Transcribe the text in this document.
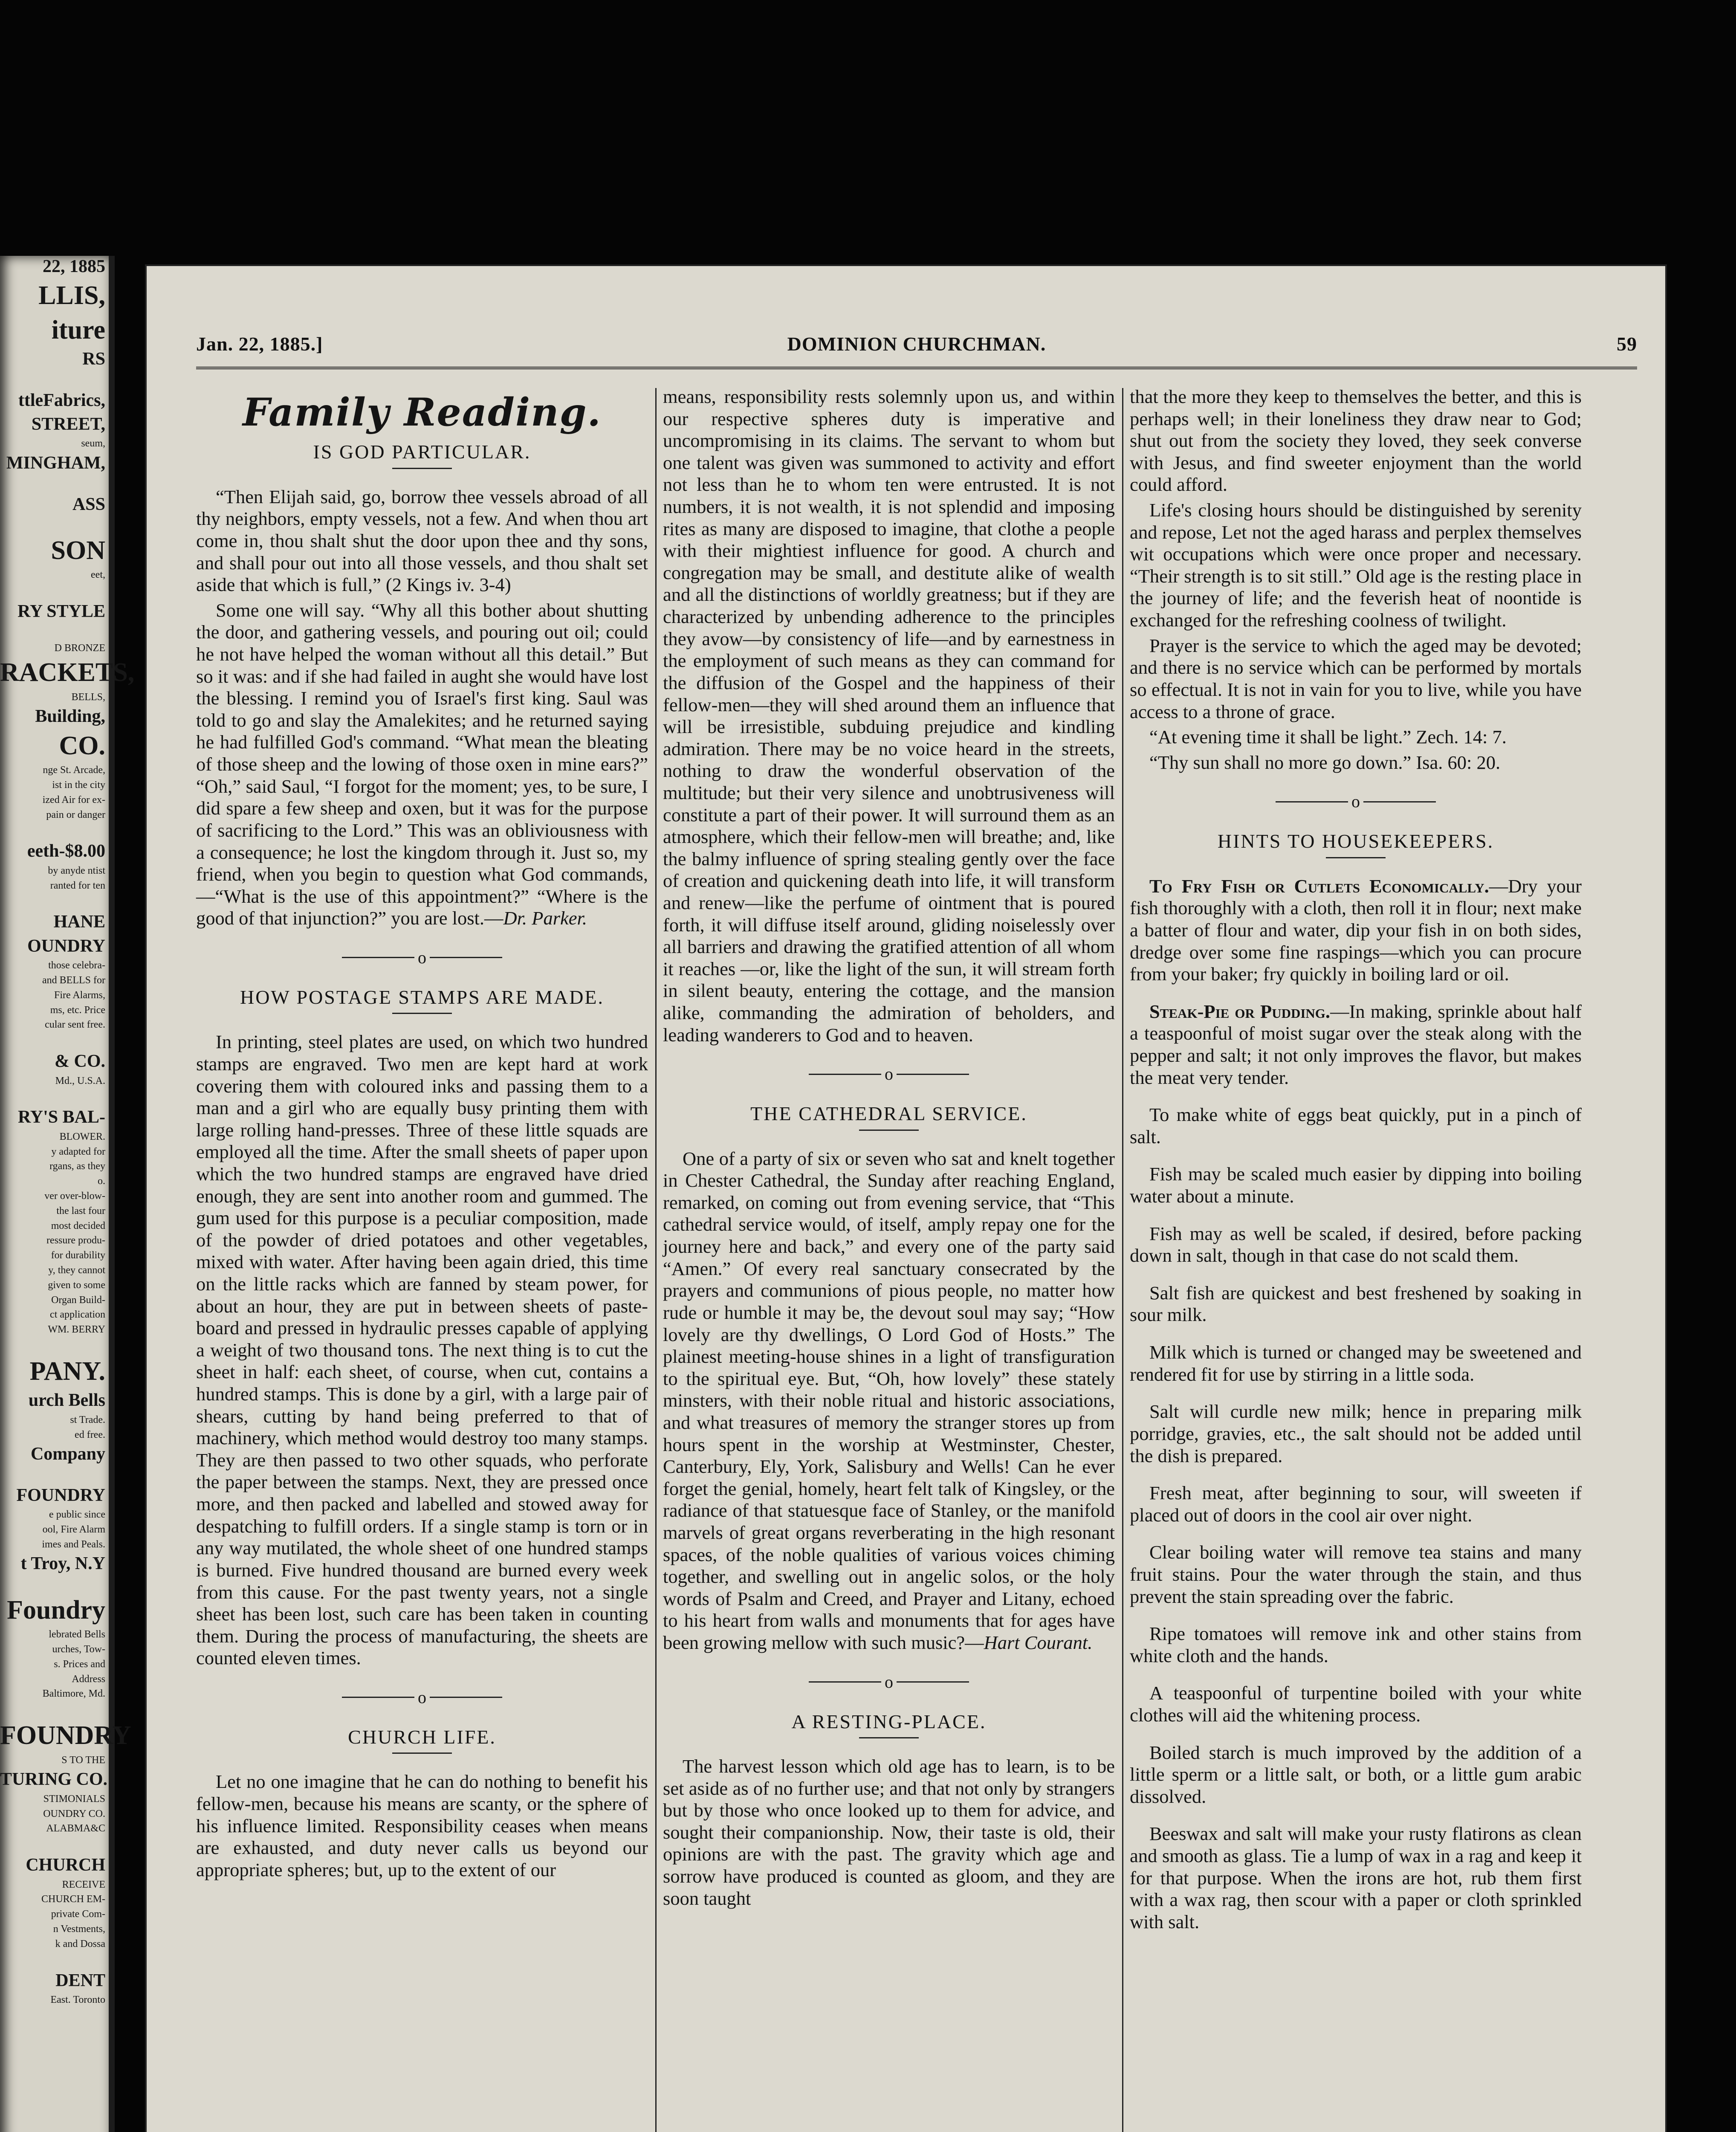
22, 1885
LLIS,
iture
RS
ttleFabrics,
STREET,
seum,
MINGHAM,
ASS
SON
eet,
RY STYLE
D BRONZE
RACKETS,
BELLS,
Building,
CO.
nge St. Arcade,
ist in the city
ized Air for ex-
pain or danger
eeth-$8.00
by anyde ntist
ranted for ten
HANE
OUNDRY
those celebra-
and BELLS for
Fire Alarms,
ms, etc. Price
cular sent free.
& CO.
Md., U.S.A.
RY'S BAL-
BLOWER.
y adapted for
rgans, as they
o.
ver over-blow-
the last four
most decided
ressure produ-
for durability
y, they cannot
given to some
Organ Build-
ct application
WM. BERRY
PANY.
urch Bells
st Trade.
ed free.
Company
FOUNDRY
e public since
ool, Fire Alarm
imes and Peals.
t Troy, N.Y
Foundry
lebrated Bells
urches, Tow-
s. Prices and
Address
Baltimore, Md.
FOUNDRY
S TO THE
TURING CO.
STIMONIALS
OUNDRY CO.
ALABMA&C
CHURCH
RECEIVE
CHURCH EM-
private Com-
n Vestments,
k and Dossa
DENT
East. Toronto
Jan. 22, 1885.]	DOMINION CHURCHMAN.	59
Family Reading.
IS GOD PARTICULAR.

“Then Elijah said, go, borrow thee vessels abroad of all thy neighbors, empty vessels, not a few. And when thou art come in, thou shalt shut the door upon thee and thy sons, and shall pour out into all those vessels, and thou shalt set aside that which is full,” (2 Kings iv. 3-4)

Some one will say. “Why all this bother about shutting the door, and gathering vessels, and pouring out oil; could he not have helped the woman without all this detail.” But so it was: and if she had failed in aught she would have lost the blessing. I remind you of Israel's first king. Saul was told to go and slay the Amalekites; and he returned saying he had fulfilled God's command. “What mean the bleating of those sheep and the lowing of those oxen in mine ears?” “Oh,” said Saul, “I forgot for the moment; yes, to be sure, I did spare a few sheep and oxen, but it was for the purpose of sacrificing to the Lord.” This was an obliviousness with a consequence; he lost the kingdom through it. Just so, my friend, when you begin to question what God commands,—“What is the use of this appointment?” “Where is the good of that injunction?” you are lost.—Dr. Parker.

o
HOW POSTAGE STAMPS ARE MADE.

In printing, steel plates are used, on which two hundred stamps are engraved. Two men are kept hard at work covering them with coloured inks and passing them to a man and a girl who are equally busy printing them with large rolling hand-presses. Three of these little squads are employed all the time. After the small sheets of paper upon which the two hundred stamps are engraved have dried enough, they are sent into another room and gummed. The gum used for this purpose is a peculiar composition, made of the powder of dried potatoes and other vegetables, mixed with water. After having been again dried, this time on the little racks which are fanned by steam power, for about an hour, they are put in between sheets of paste-board and pressed in hydraulic presses capable of applying a weight of two thousand tons. The next thing is to cut the sheet in half: each sheet, of course, when cut, contains a hundred stamps. This is done by a girl, with a large pair of shears, cutting by hand being preferred to that of machinery, which method would destroy too many stamps. They are then passed to two other squads, who perforate the paper between the stamps. Next, they are pressed once more, and then packed and labelled and stowed away for despatching to fulfill orders. If a single stamp is torn or in any way mutilated, the whole sheet of one hundred stamps is burned. Five hundred thousand are burned every week from this cause. For the past twenty years, not a single sheet has been lost, such care has been taken in counting them. During the process of manufacturing, the sheets are counted eleven times.

o
CHURCH LIFE.

Let no one imagine that he can do nothing to benefit his fellow-men, because his means are scanty, or the sphere of his influence limited. Responsibility ceases when means are exhausted, and duty never calls us beyond our appropriate spheres; but, up to the extent of our

means, responsibility rests solemnly upon us, and within our respective spheres duty is imperative and uncompromising in its claims. The servant to whom but one talent was given was summoned to activity and effort not less than he to whom ten were entrusted. It is not numbers, it is not wealth, it is not splendid and imposing rites as many are disposed to imagine, that clothe a people with their mightiest influence for good. A church and congregation may be small, and destitute alike of wealth and all the distinctions of worldly greatness; but if they are characterized by unbending adherence to the principles they avow—by consistency of life—and by earnestness in the employment of such means as they can command for the diffusion of the Gospel and the happiness of their fellow-men—they will shed around them an influence that will be irresistible, subduing prejudice and kindling admiration. There may be no voice heard in the streets, nothing to draw the wonderful observation of the multitude; but their very silence and unobtrusiveness will constitute a part of their power. It will surround them as an atmosphere, which their fellow-men will breathe; and, like the balmy influence of spring stealing gently over the face of creation and quickening death into life, it will transform and renew—like the perfume of ointment that is poured forth, it will diffuse itself around, gliding noiselessly over all barriers and drawing the gratified attention of all whom it reaches —or, like the light of the sun, it will stream forth in silent beauty, entering the cottage, and the mansion alike, commanding the admiration of beholders, and leading wanderers to God and to heaven.

o
THE CATHEDRAL SERVICE.

One of a party of six or seven who sat and knelt together in Chester Cathedral, the Sunday after reaching England, remarked, on coming out from evening service, that “This cathedral service would, of itself, amply repay one for the journey here and back,” and every one of the party said “Amen.” Of every real sanctuary consecrated by the prayers and communions of pious people, no matter how rude or humble it may be, the devout soul may say; “How lovely are thy dwellings, O Lord God of Hosts.” The plainest meeting-house shines in a light of transfiguration to the spiritual eye. But, “Oh, how lovely” these stately minsters, with their noble ritual and historic associations, and what treasures of memory the stranger stores up from hours spent in the worship at Westminster, Chester, Canterbury, Ely, York, Salisbury and Wells! Can he ever forget the genial, homely, heart felt talk of Kingsley, or the radiance of that statuesque face of Stanley, or the manifold marvels of great organs reverberating in the high resonant spaces, of the noble qualities of various voices chiming together, and swelling out in angelic solos, or the holy words of Psalm and Creed, and Prayer and Litany, echoed to his heart from walls and monuments that for ages have been growing mellow with such music?—Hart Courant.

o
A RESTING-PLACE.

The harvest lesson which old age has to learn, is to be set aside as of no further use; and that not only by strangers but by those who once looked up to them for advice, and sought their companionship. Now, their taste is old, their opinions are with the past. The gravity which age and sorrow have produced is counted as gloom, and they are soon taught

that the more they keep to themselves the better, and this is perhaps well; in their loneliness they draw near to God; shut out from the society they loved, they seek converse with Jesus, and find sweeter enjoyment than the world could afford.

Life's closing hours should be distinguished by serenity and repose, Let not the aged harass and perplex themselves wit occupations which were once proper and necessary. “Their strength is to sit still.” Old age is the resting place in the journey of life; and the feverish heat of noontide is exchanged for the refreshing coolness of twilight.

Prayer is the service to which the aged may be devoted; and there is no service which can be performed by mortals so effectual. It is not in vain for you to live, while you have access to a throne of grace.

“At evening time it shall be light.” Zech. 14: 7.

“Thy sun shall no more go down.” Isa. 60: 20.

o
HINTS TO HOUSEKEEPERS.

To Fry Fish or Cutlets Economically.—Dry your fish thoroughly with a cloth, then roll it in flour; next make a batter of flour and water, dip your fish in on both sides, dredge over some fine raspings—which you can procure from your baker; fry quickly in boiling lard or oil.

Steak-Pie or Pudding.—In making, sprinkle about half a teaspoonful of moist sugar over the steak along with the pepper and salt; it not only improves the flavor, but makes the meat very tender.

To make white of eggs beat quickly, put in a pinch of salt.

Fish may be scaled much easier by dipping into boiling water about a minute.

Fish may as well be scaled, if desired, before packing down in salt, though in that case do not scald them.

Salt fish are quickest and best freshened by soaking in sour milk.

Milk which is turned or changed may be sweetened and rendered fit for use by stirring in a little soda.

Salt will curdle new milk; hence in preparing milk porridge, gravies, etc., the salt should not be added until the dish is prepared.

Fresh meat, after beginning to sour, will sweeten if placed out of doors in the cool air over night.

Clear boiling water will remove tea stains and many fruit stains. Pour the water through the stain, and thus prevent the stain spreading over the fabric.

Ripe tomatoes will remove ink and other stains from white cloth and the hands.

A teaspoonful of turpentine boiled with your white clothes will aid the whitening process.

Boiled starch is much improved by the addition of a little sperm or a little salt, or both, or a little gum arabic dissolved.

Beeswax and salt will make your rusty flatirons as clean and smooth as glass. Tie a lump of wax in a rag and keep it for that purpose. When the irons are hot, rub them first with a wax rag, then scour with a paper or cloth sprinkled with salt.
